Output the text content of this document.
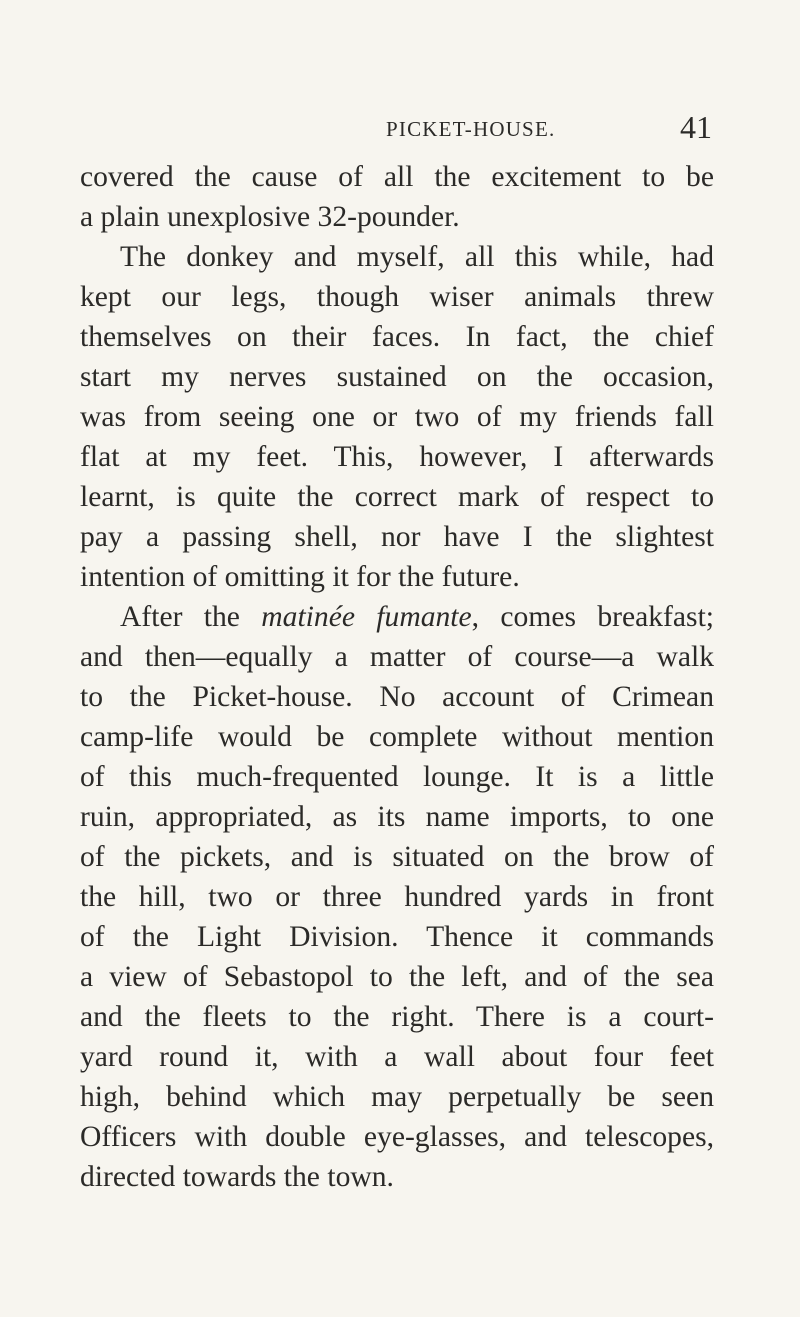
PICKET-HOUSE.	41
covered the cause of all the excitement to be
a plain unexplosive 32-pounder.
The donkey and myself, all this while, had
kept our legs, though wiser animals threw
themselves on their faces. In fact, the chief
start my nerves sustained on the occasion,
was from seeing one or two of my friends fall
flat at my feet. This, however, I afterwards
learnt, is quite the correct mark of respect to
pay a passing shell, nor have I the slightest
intention of omitting it for the future.
After the matinée fumante, comes breakfast;
and then—equally a matter of course—a walk
to the Picket-house. No account of Crimean
camp-life would be complete without mention
of this much-frequented lounge. It is a little
ruin, appropriated, as its name imports, to one
of the pickets, and is situated on the brow of
the hill, two or three hundred yards in front
of the Light Division. Thence it commands
a view of Sebastopol to the left, and of the sea
and the fleets to the right. There is a court-
yard round it, with a wall about four feet
high, behind which may perpetually be seen
Officers with double eye-glasses, and telescopes,
directed towards the town.
